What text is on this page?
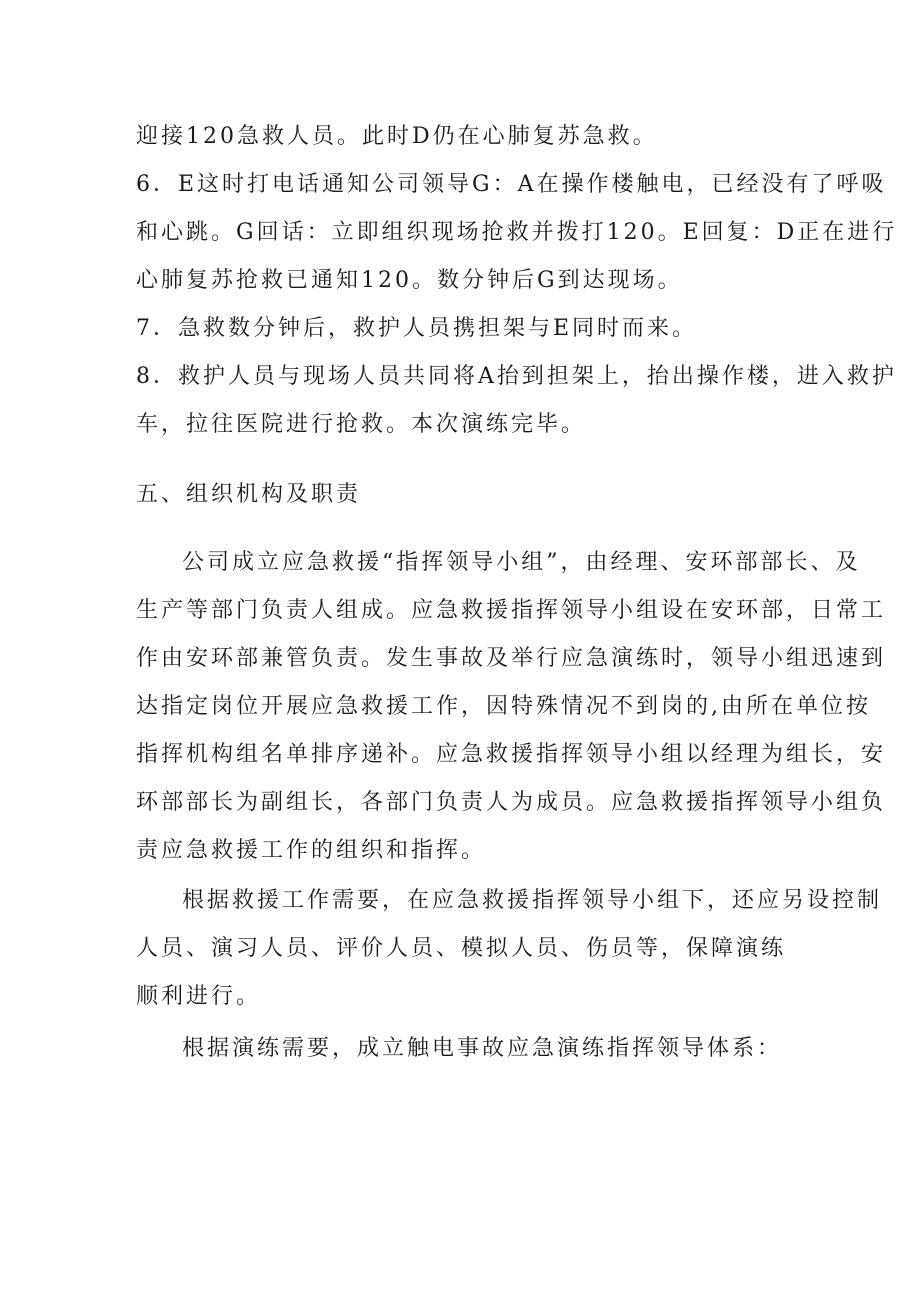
迎接120急救人员。此时D仍在心肺复苏急救。
6．E这时打电话通知公司领导G：A在操作楼触电，已经没有了呼吸
和心跳。G回话：立即组织现场抢救并拨打120。E回复：D正在进行
心肺复苏抢救已通知120。数分钟后G到达现场。
7．急救数分钟后，救护人员携担架与E同时而来。
8．救护人员与现场人员共同将A抬到担架上，抬出操作楼，进入救护
车，拉往医院进行抢救。本次演练完毕。
五、组织机构及职责
公司成立应急救援“指挥领导小组”，由经理、安环部部长、及
生产等部门负责人组成。应急救援指挥领导小组设在安环部，日常工
作由安环部兼管负责。发生事故及举行应急演练时，领导小组迅速到
达指定岗位开展应急救援工作，因特殊情况不到岗的,由所在单位按
指挥机构组名单排序递补。应急救援指挥领导小组以经理为组长，安
环部部长为副组长，各部门负责人为成员。应急救援指挥领导小组负
责应急救援工作的组织和指挥。
根据救援工作需要，在应急救援指挥领导小组下，还应另设控制
人员、演习人员、评价人员、模拟人员、伤员等，保障演练
顺利进行。
根据演练需要，成立触电事故应急演练指挥领导体系：
